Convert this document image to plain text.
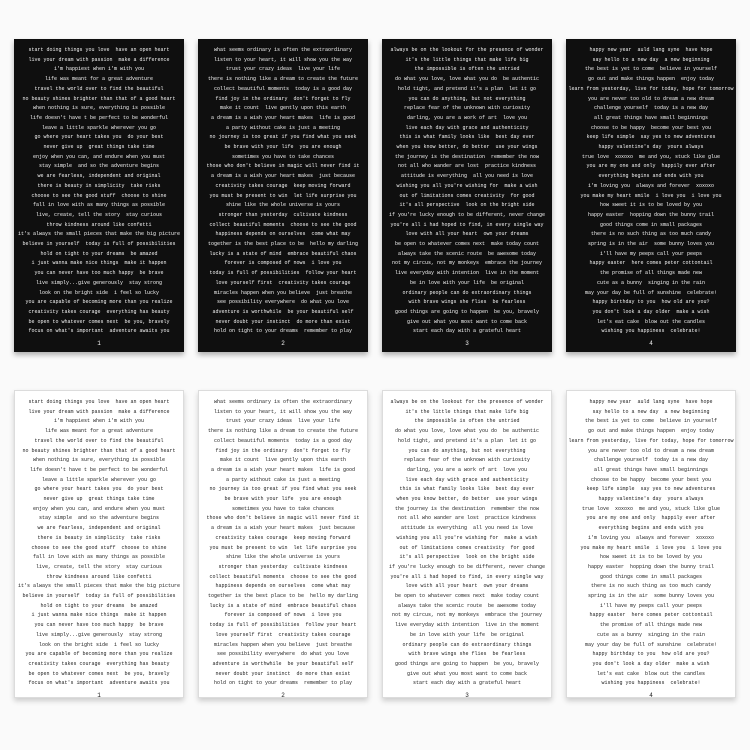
start doing things you love  have an open heart
live your dream with passion  make a difference
i'm happiest when i'm with you
life was meant for a great adventure
travel the world over to find the beautiful
no beauty shines brighter than that of a good heart
when nothing is sure, everything is possible
life doesn't have t be perfect to be wonderful
leave a little sparkle wherever you go
go where your heart takes you  do your best
never give up  great things take time
enjoy when you can, and endure when you must
stay simple  and so the adventure begins
we are fearless, independent and original
there is beauty in simplicity  take risks
choose to see the good stuff  choose to shine
fall in love with as many things as possible
live, create, tell the story  stay curious
throw kindness around like confetti
it's always the small pieces that make the big picture
believe in yourself  today is full of possibilities
hold on tight to your dreams  be amazed
i just wanna make nice things  make it happen
you can never have too much happy  be brave
live simply...give generously  stay strong
look on the bright side  i feel so lucky
you are capable of becoming more than you realize
creativity takes courage  everything has beauty
be open to whatever comes next  be you, bravely
focus on what's important  adventure awaits you
1
what seems ordinary is often the extraordinary
listen to your heart, it will show you the way
trust your crazy ideas  live your life
there is nothing like a dream to create the future
collect beautiful moments  today is a good day
find joy in the ordinary  don't forget to fly
make it count  live gently upon this earth
a dream is a wish your heart makes  life is good
a party without cake is just a meeting
no journey is too great if you find what you seek
be brave with your life  you are enough
sometimes you have to take chances
those who don't believe in magic will never find it
a dream is a wish your heart makes  just because
creativity takes courage  keep moving forward
you must be present to win  let life surprise you
shine like the whole universe is yours
stronger than yesterday  cultivate kindness
collect beautiful moments  choose to see the good
happiness depends on ourselves  come what may
together is the best place to be  hello my darling
lucky is a state of mind  embrace beautiful chaos
forever is composed of nows  i love you
today is full of possibilities  follow your heart
love yourself first  creativity takes courage
miracles happen when you believe  just breathe
see possibility everywhere  do what you love
adventure is worthwhile  be your beautiful self
never doubt your instinct  do more than exist
hold on tight to your dreams  remember to play
2
always be on the lookout for the presence of wonder
it's the little things that make life big
the impossible is often the untried
do what you love, love what you do  be authentic
hold tight, and pretend it's a plan  let it go
you can do anything, but not everything
replace fear of the unknown with curiosity
darling, you are a work of art  love you
live each day with grace and authenticity
this is what family looks like  best day ever
when you know better, do better  use your wings
the journey is the destination  remember the now
not all who wander are lost  practice kindness
attitude is everything  all you need is love
wishing you all you're wishing for  make a wish
out of limitations comes creativity  for good
it's all perspective  look on the bright side
if you're lucky enough to be different, never change
you're all i had hoped to find, in every single way
love with all your heart  own your dreams
be open to whatever comes next  make today count
always take the scenic route  be awesome today
not my circus, not my monkeys  embrace the journey
live everyday with intention  live in the moment
be in love with your life  be original
ordinary people can do extraordinary things
with brave wings she flies  be fearless
good things are going to happen  be you, bravely
give out what you most want to come back
start each day with a grateful heart
3
happy new year  auld lang syne  have hope
say hello to a new day  a new beginning
the best is yet to come  believe in yourself
go out and make things happen  enjoy today
learn from yesterday, live for today, hope for tomorrow
you are never too old to dream a new dream
challenge yourself  today is a new day
all great things have small beginnings
choose to be happy  become your best you
keep life simple  say yes to new adventures
happy valentine's day  yours always
true love  xoxoxo  me and you, stuck like glue
you are my one and only  happily ever after
everything begins and ends with you
i'm loving you  always and forever  xoxoxo
you make my heart smile  i love you  i love you
how sweet it is to be loved by you
happy easter  hopping down the bunny trail
good things come in small packages
there is no such thing as too much candy
spring is in the air  some bunny loves you
i'll have my peeps call your peeps
happy easter  here comes peter cottontail
the promise of all things made new
cute as a bunny  singing in the rain
may your day be full of sunshine  celebrate!
happy birthday to you  how old are you?
you don't look a day older  make a wish
let's eat cake  blow out the candles
wishing you happiness  celebrate!
4
start doing things you love  have an open heart
live your dream with passion  make a difference
i'm happiest when i'm with you
life was meant for a great adventure
travel the world over to find the beautiful
no beauty shines brighter than that of a good heart
when nothing is sure, everything is possible
life doesn't have t be perfect to be wonderful
leave a little sparkle wherever you go
go where your heart takes you  do your best
never give up  great things take time
enjoy when you can, and endure when you must
stay simple  and so the adventure begins
we are fearless, independent and original
there is beauty in simplicity  take risks
choose to see the good stuff  choose to shine
fall in love with as many things as possible
live, create, tell the story  stay curious
throw kindness around like confetti
it's always the small pieces that make the big picture
believe in yourself  today is full of possibilities
hold on tight to your dreams  be amazed
i just wanna make nice things  make it happen
you can never have too much happy  be brave
live simply...give generously  stay strong
look on the bright side  i feel so lucky
you are capable of becoming more than you realize
creativity takes courage  everything has beauty
be open to whatever comes next  be you, bravely
focus on what's important  adventure awaits you
1
what seems ordinary is often the extraordinary
listen to your heart, it will show you the way
trust your crazy ideas  live your life
there is nothing like a dream to create the future
collect beautiful moments  today is a good day
find joy in the ordinary  don't forget to fly
make it count  live gently upon this earth
a dream is a wish your heart makes  life is good
a party without cake is just a meeting
no journey is too great if you find what you seek
be brave with your life  you are enough
sometimes you have to take chances
those who don't believe in magic will never find it
a dream is a wish your heart makes  just because
creativity takes courage  keep moving forward
you must be present to win  let life surprise you
shine like the whole universe is yours
stronger than yesterday  cultivate kindness
collect beautiful moments  choose to see the good
happiness depends on ourselves  come what may
together is the best place to be  hello my darling
lucky is a state of mind  embrace beautiful chaos
forever is composed of nows  i love you
today is full of possibilities  follow your heart
love yourself first  creativity takes courage
miracles happen when you believe  just breathe
see possibility everywhere  do what you love
adventure is worthwhile  be your beautiful self
never doubt your instinct  do more than exist
hold on tight to your dreams  remember to play
2
always be on the lookout for the presence of wonder
it's the little things that make life big
the impossible is often the untried
do what you love, love what you do  be authentic
hold tight, and pretend it's a plan  let it go
you can do anything, but not everything
replace fear of the unknown with curiosity
darling, you are a work of art  love you
live each day with grace and authenticity
this is what family looks like  best day ever
when you know better, do better  use your wings
the journey is the destination  remember the now
not all who wander are lost  practice kindness
attitude is everything  all you need is love
wishing you all you're wishing for  make a wish
out of limitations comes creativity  for good
it's all perspective  look on the bright side
if you're lucky enough to be different, never change
you're all i had hoped to find, in every single way
love with all your heart  own your dreams
be open to whatever comes next  make today count
always take the scenic route  be awesome today
not my circus, not my monkeys  embrace the journey
live everyday with intention  live in the moment
be in love with your life  be original
ordinary people can do extraordinary things
with brave wings she flies  be fearless
good things are going to happen  be you, bravely
give out what you most want to come back
start each day with a grateful heart
3
happy new year  auld lang syne  have hope
say hello to a new day  a new beginning
the best is yet to come  believe in yourself
go out and make things happen  enjoy today
learn from yesterday, live for today, hope for tomorrow
you are never too old to dream a new dream
challenge yourself  today is a new day
all great things have small beginnings
choose to be happy  become your best you
keep life simple  say yes to new adventures
happy valentine's day  yours always
true love  xoxoxo  me and you, stuck like glue
you are my one and only  happily ever after
everything begins and ends with you
i'm loving you  always and forever  xoxoxo
you make my heart smile  i love you  i love you
how sweet it is to be loved by you
happy easter  hopping down the bunny trail
good things come in small packages
there is no such thing as too much candy
spring is in the air  some bunny loves you
i'll have my peeps call your peeps
happy easter  here comes peter cottontail
the promise of all things made new
cute as a bunny  singing in the rain
may your day be full of sunshine  celebrate!
happy birthday to you  how old are you?
you don't look a day older  make a wish
let's eat cake  blow out the candles
wishing you happiness  celebrate!
4
